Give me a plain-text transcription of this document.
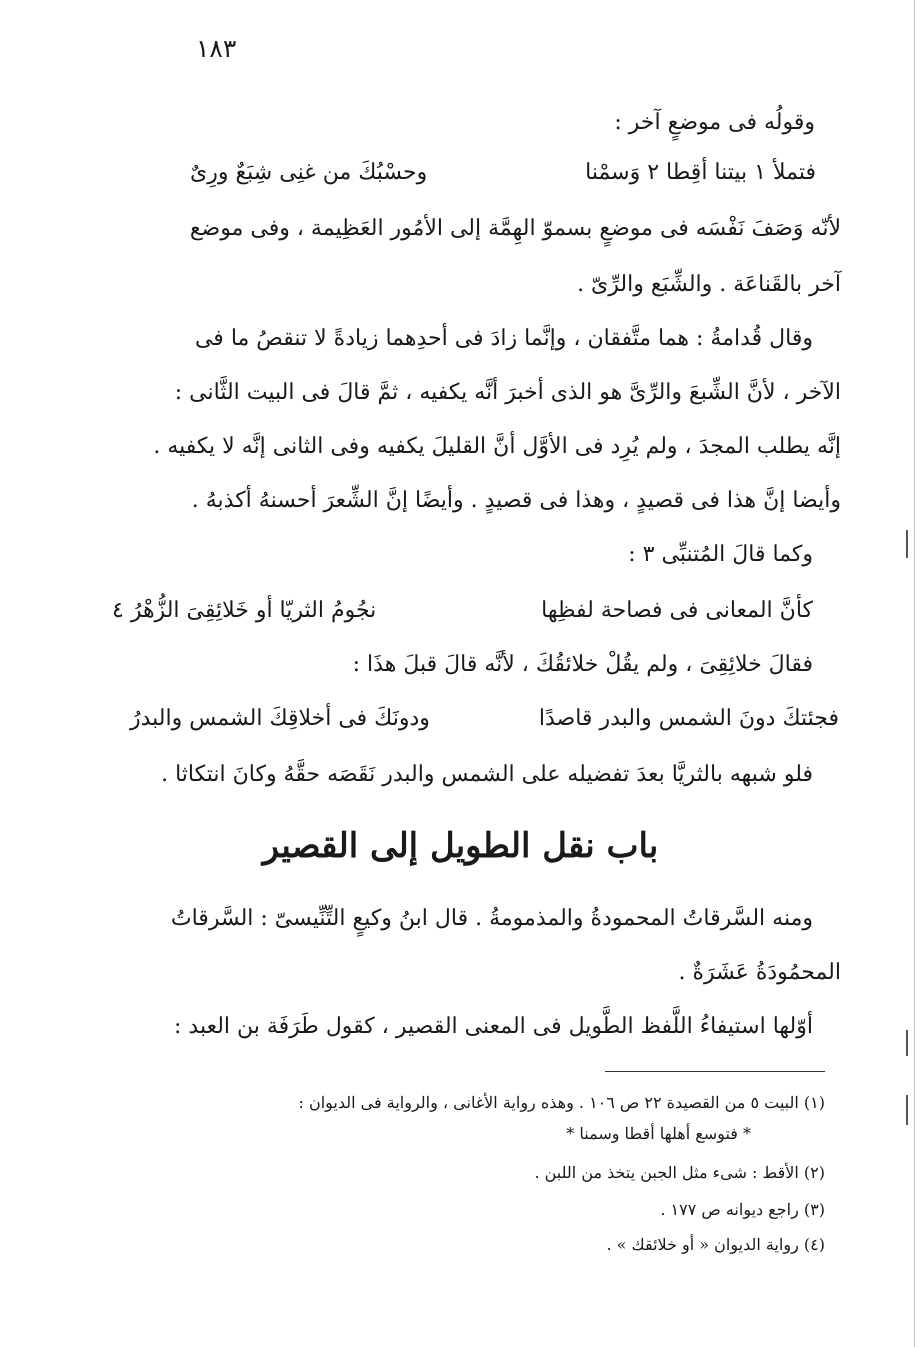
١٨٣
وقولُه فى موضعٍ آخر :
فتملأ ١ بيتنا أقِطا ٢ وَسمْنا
وحسْبُكَ من غنِى شِبَعٌ ورِىٌ
لأنّه وَصَفَ نَفْسَه فى موضعٍ بسموّ الهِمَّة إلى الأمُور العَظِيمة ، وفى موضع
آخر بالقَناعَة . والشِّبَع والرِّىّ .
وقال قُدامةُ : هما متَّفقان ، وإنَّما زادَ فى أحدِهما زيادةً لا تنقصُ ما فى
الآخر ، لأنَّ الشِّبعَ والرِّىَّ هو الذى أخبرَ أنَّه يكفيه ، ثمَّ قالَ فى البيت الثَّانى :
إنَّه يطلب المجدَ ، ولم يُرِد فى الأوَّل أنَّ القليلَ يكفيه وفى الثانى إنَّه لا يكفيه .
وأيضا إنَّ هذا فى قصيدٍ ، وهذا فى قصيدٍ . وأيضًا إنَّ الشِّعرَ أحسنهُ أكذبهُ .
وكما قالَ المُتنبِّى ٣ :
كأنَّ المعانى فى فصاحة لفظِها
نجُومُ الثريّا أو خَلائِقِىَ الزُّهْرُ ٤
فقالَ خلائِقِىَ ، ولم يقُلْ خلائقُكَ ، لأنَّه قالَ قبلَ هذَا :
فجئتكَ دونَ الشمس والبدر قاصدًا
ودونَكَ فى أخلاقِكَ الشمس والبدرُ
فلو شبهه بالثريَّا بعدَ تفضيله على الشمس والبدر نَقَصَه حقَّهُ وكانَ انتكاثا .
باب نقل الطويل إلى القصير
ومنه السَّرقاتُ المحمودةُ والمذمومةُ . قال ابنُ وكيعٍ التِّنِّيسىّ : السَّرقاتُ
المحمُودَةُ عَشَرَةٌ .
أوّلها استيفاءُ اللَّفظ الطَّويل فى المعنى القصير ، كقول طَرَفَة بن العبد :
(١) البيت ٥ من القصيدة ٢٢ ص ١٠٦ . وهذه رواية الأغانى ، والرواية فى الديوان :
* فتوسع أهلها أقطا وسمنا *
(٢) الأقط : شىء مثل الجبن يتخذ من اللبن .
(٣) راجع ديوانه ص ١٧٧ .
(٤) رواية الديوان « أو خلائقك » .
